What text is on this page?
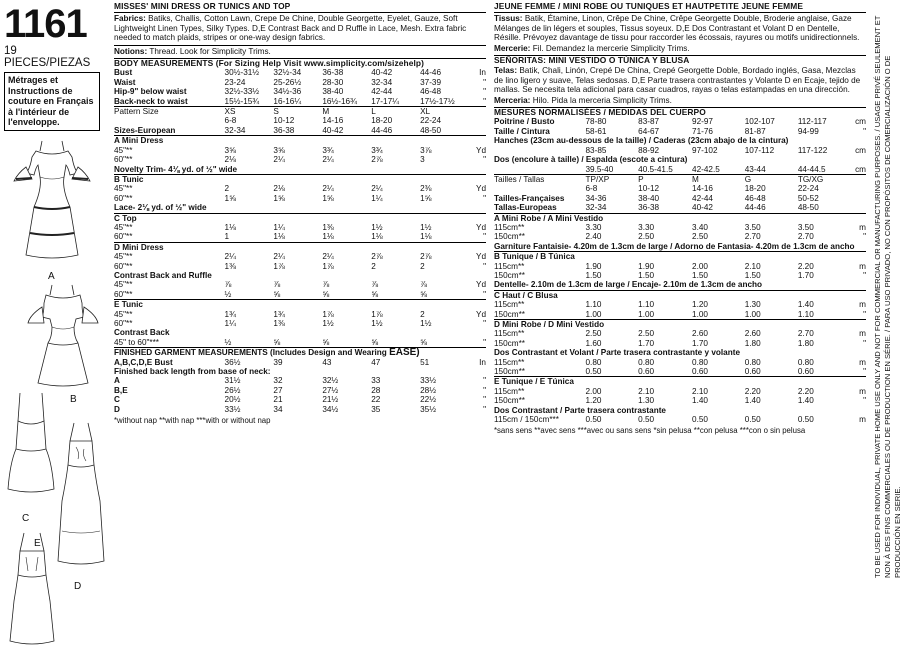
1161
19 PIECES/PIEZAS
Métrages et Instructions de couture en Français à l'intérieur de l'enveloppe.
A
B
C
D
E
MISSES' MINI DRESS OR TUNICS AND TOP
Fabrics: Batiks, Challis, Cotton Lawn, Crepe De Chine, Double Georgette, Eyelet, Gauze, Soft Lightweight Linen Types, Silky Types. D,E Contrast Back and D Ruffle in Lace, Mesh. Extra fabric needed to match plaids, stripes or one-way design fabrics.
Notions: Thread. Look for Simplicity Trims.
BODY MEASUREMENTS (For Sizing Help Visit www.simplicity.com/sizehelp)
Bust	30½-31½	32½-34	36-38	40-42	44-46	In
Waist	23-24	25-26½	28-30	32-34	37-39	"
Hip-9" below waist	32½-33½	34½-36	38-40	42-44	46-48	"
Back-neck to waist	15½-15¾	16-16¼	16½-16¾	17-17¼	17½-17½	"
Pattern Size	XS	S	M	L	XL	
	6-8	10-12	14-16	18-20	22-24	
Sizes-European	32-34	36-38	40-42	44-46	48-50	
A Mini Dress						
45"**	3⅝	3⅝	3¾	3¾	3⅞	Yd
60"**	2⅛	2¼	2¼	2⅞	3	"
Novelty Trim- 4⅛ yd. of ½" wide						
B Tunic						
45"**	2	2⅛	2¼	2¼	2⅜	Yd
60"**	1⅝	1⅝	1⅝	1¼	1⅝	"
Lace- 2⅛ yd. of ½" wide						
C Top						
45"**	1⅛	1¼	1⅜	1½	1½	Yd
60"**	1	1⅛	1⅛	1⅛	1⅛	"
D Mini Dress						
45"**	2¼	2¼	2¼	2⅞	2⅞	Yd
60"**	1⅜	1⅞	1⅞	2	2	"
Contrast Back and Ruffle						
45"**	⅞	⅞	⅞	⅞	⅞	Yd
60"**	½	⅝	⅝	⅝	⅝	"
E Tunic						
45"**	1¾	1¾	1⅞	1⅞	2	Yd
60"**	1¼	1⅜	1½	1½	1½	"
Contrast Back						
45" to 60"***	½	⅝	⅝	⅝	⅝	"
FINISHED GARMENT MEASUREMENTS (Includes Design and Wearing EASE)						
A,B,C,D,E Bust	36½	39	43	47	51	In
Finished back length from base of neck:						
A	31½	32	32½	33	33½	"
B,E	26½	27	27½	28	28½	"
C	20½	21	21½	22	22½	"
D	33½	34	34½	35	35½	"
*without nap **with nap ***with or without nap
JEUNE FEMME / MINI ROBE OU TUNIQUES ET HAUTPETITE JEUNE FEMME
Tissus: Batik, Étamine, Linon, Crêpe De Chine, Crêpe Georgette Double, Broderie anglaise, Gaze Mélanges de lin légers et souples, Tissus soyeux. D,E Dos Contrastant et Volant D en Dentelle, Résille. Prévoyez davantage de tissu pour raccorder les écossais, rayures ou motifs unidirectionnels.
Mercerie: Fil. Demandez la mercerie Simplicity Trims.
SEÑORITAS: MINI VESTIDO O TÚNICA Y BLUSA
Telas: Batik, Chali, Linón, Crepé De China, Crepé Georgette Doble, Bordado inglés, Gasa, Mezclas de lino ligero y suave, Telas sedosas. D,E Parte trasera contrastantes y Volante D en Ecaje, tejido de mallas. Se necesita tela adicional para casar cuadros, rayas o telas estampadas en una dirección.
Merceria: Hilo. Pida la merceria Simplicity Trims.
MESURES NORMALISÉES / MEDIDAS DEL CUERPO
Poitrine / Busto	78-80	83-87	92-97	102-107	112-117	cm
Taille / Cintura	58-61	64-67	71-76	81-87	94-99	"
Hanches (23cm au-dessous de la taille) / Caderas (23cm abajo de la cintura)						
	83-85	88-92	97-102	107-112	117-122	cm
Dos (encolure à taille) / Espalda (escote a cintura)						
	39.5-40	40.5-41.5	42-42.5	43-44	44-44.5	cm
Tailles / Tallas	TP/XP	P	M	G	TG/XG	
	6-8	10-12	14-16	18-20	22-24	
Tailles-Françaises	34-36	38-40	42-44	46-48	50-52	
Tallas-Europeas	32-34	36-38	40-42	44-46	48-50	
A Mini Robe / A Mini Vestido						
115cm**	3.30	3.30	3.40	3.50	3.50	m
150cm**	2.40	2.50	2.50	2.70	2.70	"
Garniture Fantaisie- 4.20m de 1.3cm de large / Adorno de Fantasia- 4.20m de 1.3cm de ancho						
B Tunique / B Túnica						
115cm**	1.90	1.90	2.00	2.10	2.20	m
150cm**	1.50	1.50	1.50	1.50	1.70	"
Dentelle- 2.10m de 1.3cm de large / Encaje- 2.10m de 1.3cm de ancho						
C Haut / C Blusa						
115cm**	1.10	1.10	1.20	1.30	1.40	m
150cm**	1.00	1.00	1.00	1.00	1.10	"
D Mini Robe / D Mini Vestido						
115cm**	2.50	2.50	2.60	2.60	2.70	m
150cm**	1.60	1.70	1.70	1.80	1.80	"
Dos Contrastant et Volant / Parte trasera contrastante y volante						
115cm**	0.80	0.80	0.80	0.80	0.80	m
150cm**	0.50	0.60	0.60	0.60	0.60	"
E Tunique / E Túnica						
115cm**	2.00	2.10	2.10	2.20	2.20	m
150cm**	1.20	1.30	1.40	1.40	1.40	"
Dos Contrastant / Parte trasera contrastante						
115cm / 150cm***	0.50	0.50	0.50	0.50	0.50	m
*sans sens **avec sens ***avec ou sans sens *sin pelusa **con pelusa ***con o sin pelusa	TO BE USED FOR INDIVIDUAL, PRIVATE HOME USE ONLY AND NOT FOR COMMERCIAL OR MANUFACTURING PURPOSES. / USAGE PRIVÉ SEULEMENT ET NON À DES FINS COMMERCIALES OU DE PRODUCTION EN SÉRIE. / PARA USO PRIVADO, NO CON PROPÓSITOS DE COMERCIALIZACIÓN O DE PRODUCCIÓN EN SERIE.
